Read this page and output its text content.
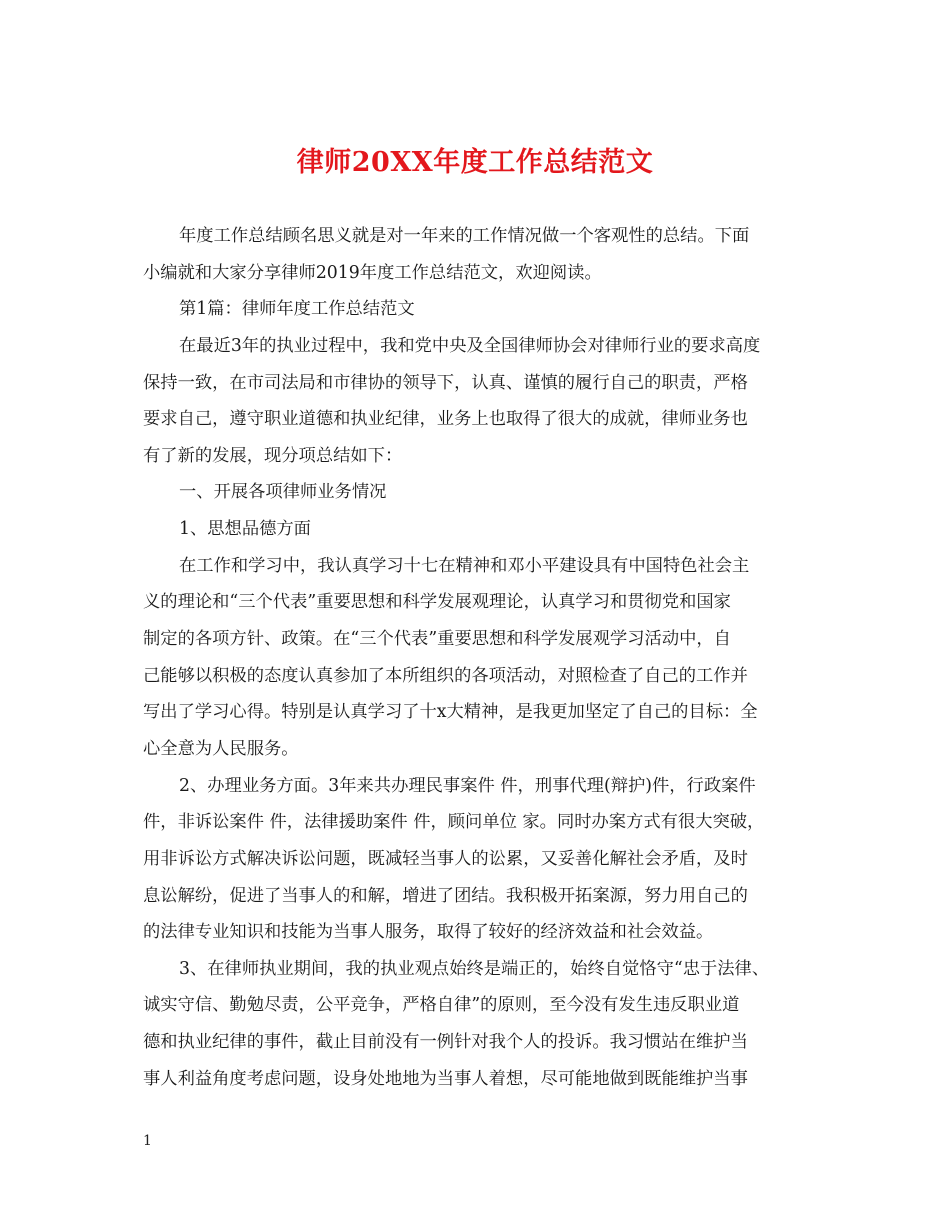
律师20XX年度工作总结范文
年度工作总结顾名思义就是对一年来的工作情况做一个客观性的总结。下面
小编就和大家分享律师2019年度工作总结范文，欢迎阅读。
第1篇：律师年度工作总结范文
在最近3年的执业过程中，我和党中央及全国律师协会对律师行业的要求高度
保持一致，在市司法局和市律协的领导下，认真、谨慎的履行自己的职责，严格
要求自己，遵守职业道德和执业纪律，业务上也取得了很大的成就，律师业务也
有了新的发展，现分项总结如下：
一、开展各项律师业务情况
1、思想品德方面
在工作和学习中，我认真学习十七在精神和邓小平建设具有中国特色社会主
义的理论和“三个代表”重要思想和科学发展观理论，认真学习和贯彻党和国家
制定的各项方针、政策。在“三个代表”重要思想和科学发展观学习活动中，自
己能够以积极的态度认真参加了本所组织的各项活动，对照检查了自己的工作并
写出了学习心得。特别是认真学习了十x大精神，是我更加坚定了自己的目标：全
心全意为人民服务。
2、办理业务方面。3年来共办理民事案件 件，刑事代理(辩护)件，行政案件
件，非诉讼案件 件，法律援助案件 件，顾问单位 家。同时办案方式有很大突破，
用非诉讼方式解决诉讼问题，既减轻当事人的讼累，又妥善化解社会矛盾，及时
息讼解纷，促进了当事人的和解，增进了团结。我积极开拓案源，努力用自己的
的法律专业知识和技能为当事人服务，取得了较好的经济效益和社会效益。
3、在律师执业期间，我的执业观点始终是端正的，始终自觉恪守“忠于法律、
诚实守信、勤勉尽责，公平竞争，严格自律”的原则，至今没有发生违反职业道
德和执业纪律的事件，截止目前没有一例针对我个人的投诉。我习惯站在维护当
事人利益角度考虑问题，设身处地地为当事人着想，尽可能地做到既能维护当事
1
